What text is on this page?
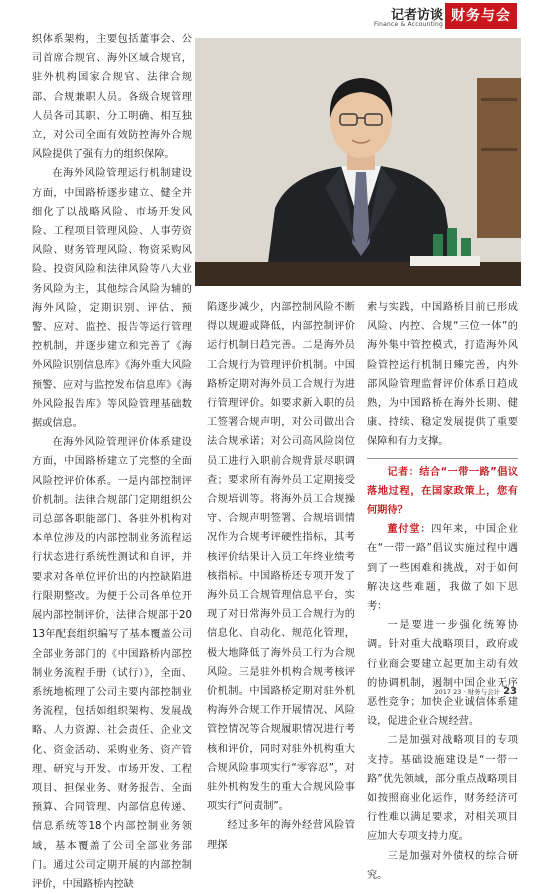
记者访谈
Finance & Accounting
财务与会

织体系架构，主要包括董事会、公司首席合规官、海外区域合规官，驻外机构国家合规官、法律合规部、合规兼职人员。各级合规管理人员各司其职、分工明确、相互独立，对公司全面有效防控海外合规风险提供了强有力的组织保障。

在海外风险管理运行机制建设方面，中国路桥逐步建立、健全并细化了以战略风险、市场开发风险、工程项目管理风险、人事劳资风险、财务管理风险、物资采购风险、投资风险和法律风险等八大业务风险为主，其他综合风险为辅的海外风险，定期识别、评估、预警、应对、监控、报告等运行管理控机制，并逐步建立和完善了《海外风险识别信息库》《海外重大风险预警、应对与监控发布信息库》《海外风险报告库》等风险管理基础数据或信息。

在海外风险管理评价体系建设方面，中国路桥建立了完整的全面风险控评价体系。一是内部控制评价机制。法律合规部门定期组织公司总部各职能部门、各驻外机构对本单位涉及的内部控制业务流程运行状态进行系统性测试和自评，并要求对各单位评价出的内控缺陷进行限期整改。为便于公司各单位开展内部控制评价，法律合规部于2013年配套组织编写了基本覆盖公司全部业务部门的《中国路桥内部控制业务流程手册（试行）》，全面、系统地梳理了公司主要内部控制业务流程，包括如组织架构、发展战略、人力资源、社会责任、企业文化、资金活动、采购业务、资产管理、研究与开发、市场开发、工程项目、担保业务、财务报告、全面预算、合同管理、内部信息传递、信息系统等18个内部控制业务领域，基本覆盖了公司全部业务部门。通过公司定期开展的内部控制评价，中国路桥内控缺

陷逐步减少，内部控制风险不断得以规避或降低，内部控制评价运行机制日趋完善。二是海外员工合规行为管理评价机制。中国路桥定期对海外员工合规行为进行管理评价。如要求新入职的员工签署合规声明，对公司做出合法合规承诺；对公司高风险岗位员工进行入职前合规背景尽职调查；要求所有海外员工定期接受合规培训等。将海外员工合规操守、合规声明签署、合规培训情况作为合规考评硬性指标，其考核评价结果计入员工年终业绩考核指标。中国路桥还专项开发了海外员工合规管理信息平台，实现了对日常海外员工合规行为的信息化、自动化、规范化管理，极大地降低了海外员工行为合规风险。三是驻外机构合规考核评价机制。中国路桥定期对驻外机构海外合规工作开展情况、风险管控情况等合规履职情况进行考核和评价，同时对驻外机构重大合规风险事项实行“零容忍”，对驻外机构发生的重大合规风险事项实行“问责制”。

经过多年的海外经营风险管理探

索与实践，中国路桥目前已形成风险、内控、合规“三位一体”的海外集中管控模式，打造海外风险管控运行机制日臻完善，内外部风险管理监督评价体系日趋成熟，为中国路桥在海外长期、健康、持续、稳定发展提供了重要保障和有力支撑。

记者：结合“一带一路”倡议落地过程，在国家政策上，您有何期待？

董付堂：四年来，中国企业在“一带一路”倡议实施过程中遇到了一些困难和挑战，对于如何解决这些难题，我做了如下思考：

一是要进一步强化统筹协调。针对重大战略项目，政府或行业商会要建立起更加主动有效的协调机制，遏制中国企业无序恶性竞争；加快企业诚信体系建设，促进企业合规经营。

二是加强对战略项目的专项支持。基础设施建设是“一带一路”优先领域，部分重点战略项目如按照商业化运作，财务经济可行性难以满足要求，对相关项目应加大专项支持力度。

三是加强对外债权的综合研究。

2017 23 · 财务与会计 23
